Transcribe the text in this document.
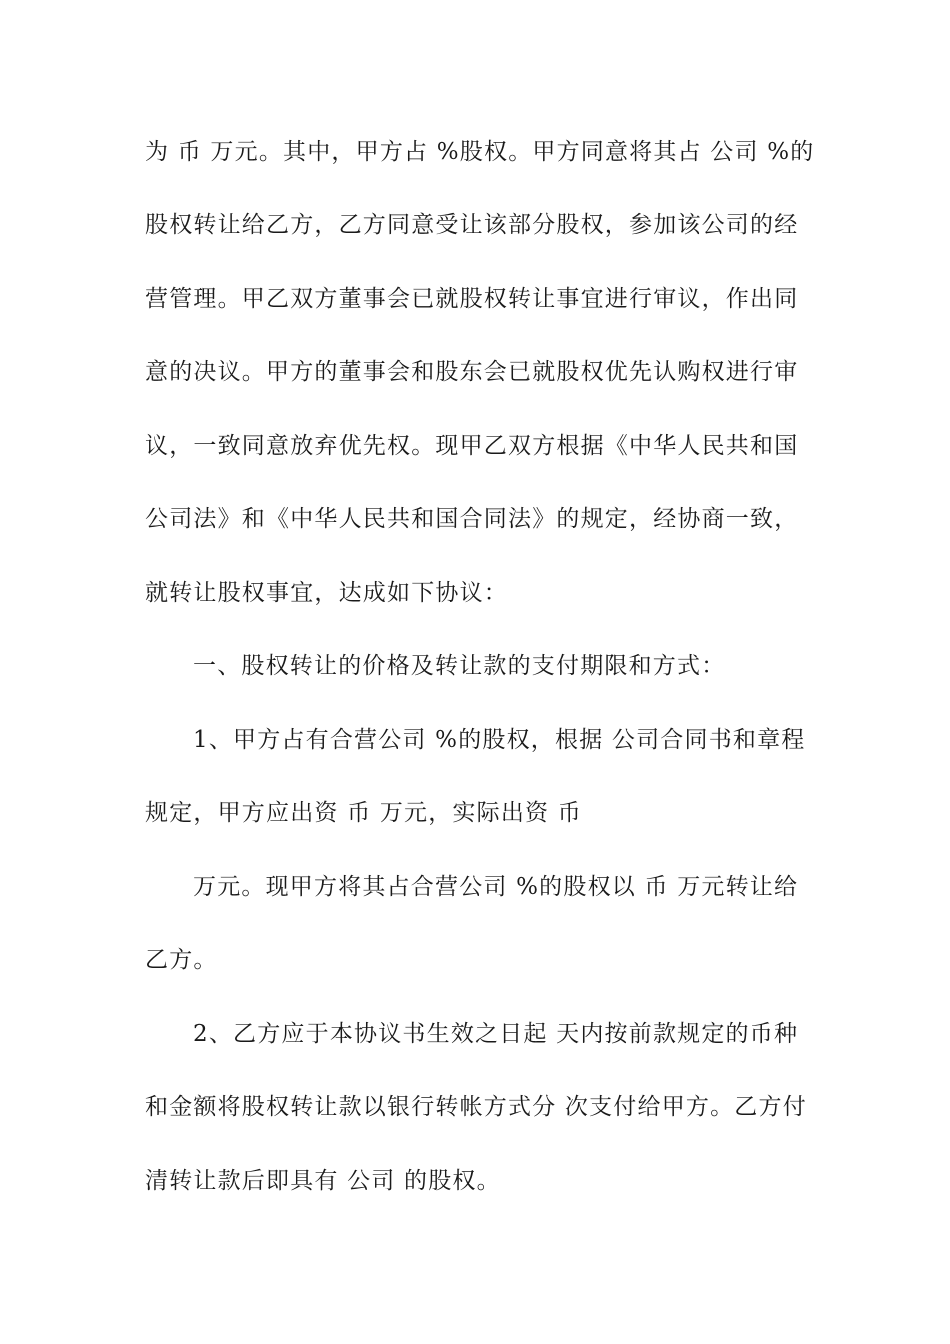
为 币 万元。其中，甲方占 %股权。甲方同意将其占 公司 %的
股权转让给乙方，乙方同意受让该部分股权，参加该公司的经
营管理。甲乙双方董事会已就股权转让事宜进行审议，作出同
意的决议。甲方的董事会和股东会已就股权优先认购权进行审
议，一致同意放弃优先权。现甲乙双方根据《中华人民共和国
公司法》和《中华人民共和国合同法》的规定，经协商一致，
就转让股权事宜，达成如下协议：
一、股权转让的价格及转让款的支付期限和方式：
1、甲方占有合营公司 %的股权，根据 公司合同书和章程
规定，甲方应出资 币 万元，实际出资 币
万元。现甲方将其占合营公司 %的股权以 币 万元转让给
乙方。
2、乙方应于本协议书生效之日起 天内按前款规定的币种
和金额将股权转让款以银行转帐方式分 次支付给甲方。乙方付
清转让款后即具有 公司 的股权。
